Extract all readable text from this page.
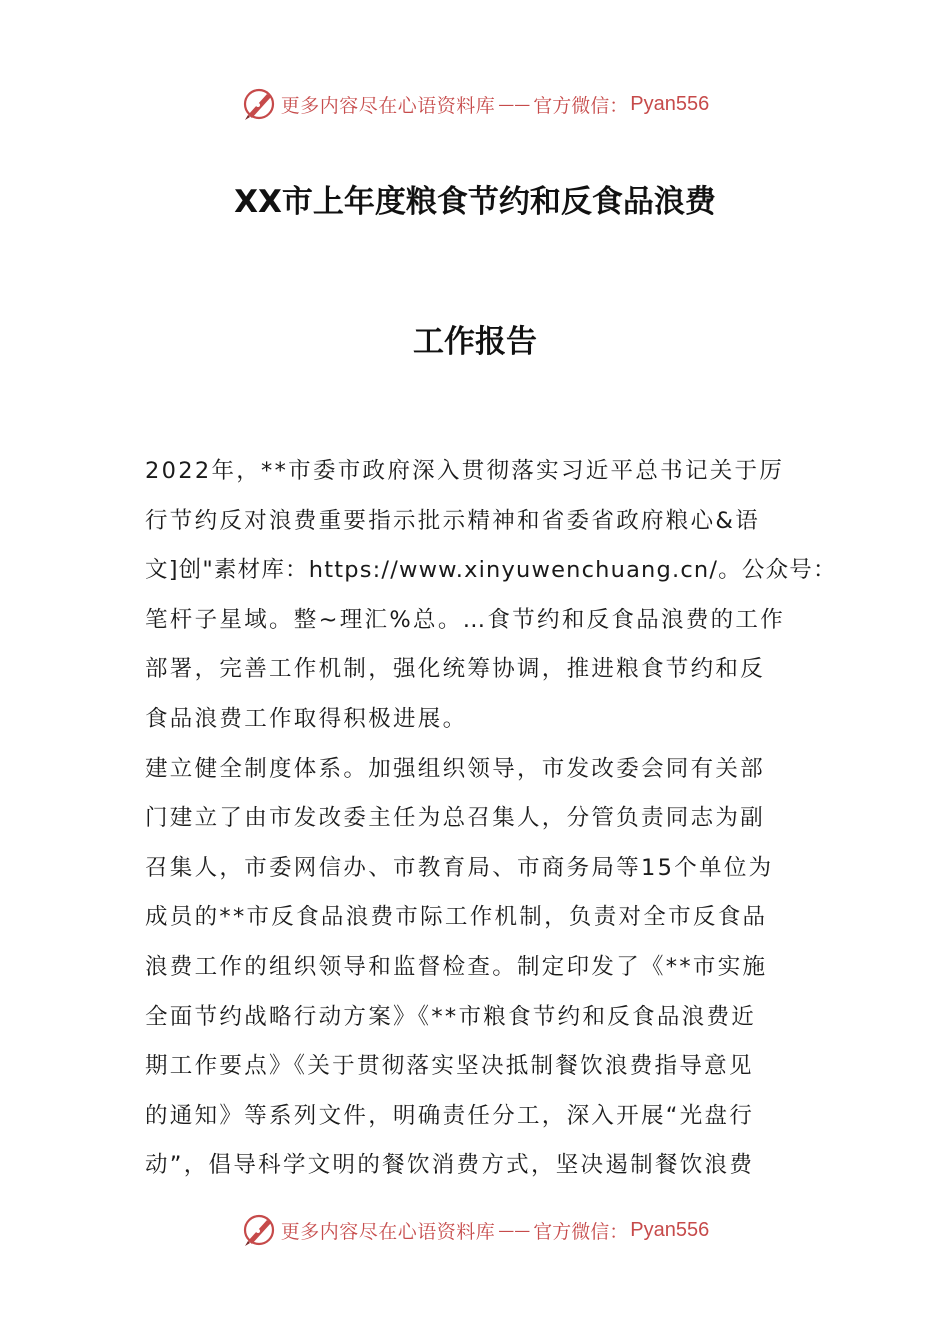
更多内容尽在心语资料库 —— 官方微信： Pyan556
XX市上年度粮食节约和反食品浪费
工作报告
2022年，**市委市政府深入贯彻落实习近平总书记关于厉
行节约反对浪费重要指示批示精神和省委省政府粮心&语
文]创"素材库：https://www.xinyuwenchuang.cn/。公众号：
笔杆子星域。整~理汇%总。…食节约和反食品浪费的工作
部署，完善工作机制，强化统筹协调，推进粮食节约和反
食品浪费工作取得积极进展。
建立健全制度体系。加强组织领导，市发改委会同有关部
门建立了由市发改委主任为总召集人，分管负责同志为副
召集人，市委网信办、市教育局、市商务局等15个单位为
成员的**市反食品浪费市际工作机制，负责对全市反食品
浪费工作的组织领导和监督检查。制定印发了《**市实施
全面节约战略行动方案》《**市粮食节约和反食品浪费近
期工作要点》《关于贯彻落实坚决抵制餐饮浪费指导意见
的通知》等系列文件，明确责任分工，深入开展“光盘行
动”，倡导科学文明的餐饮消费方式，坚决遏制餐饮浪费
更多内容尽在心语资料库 —— 官方微信： Pyan556
